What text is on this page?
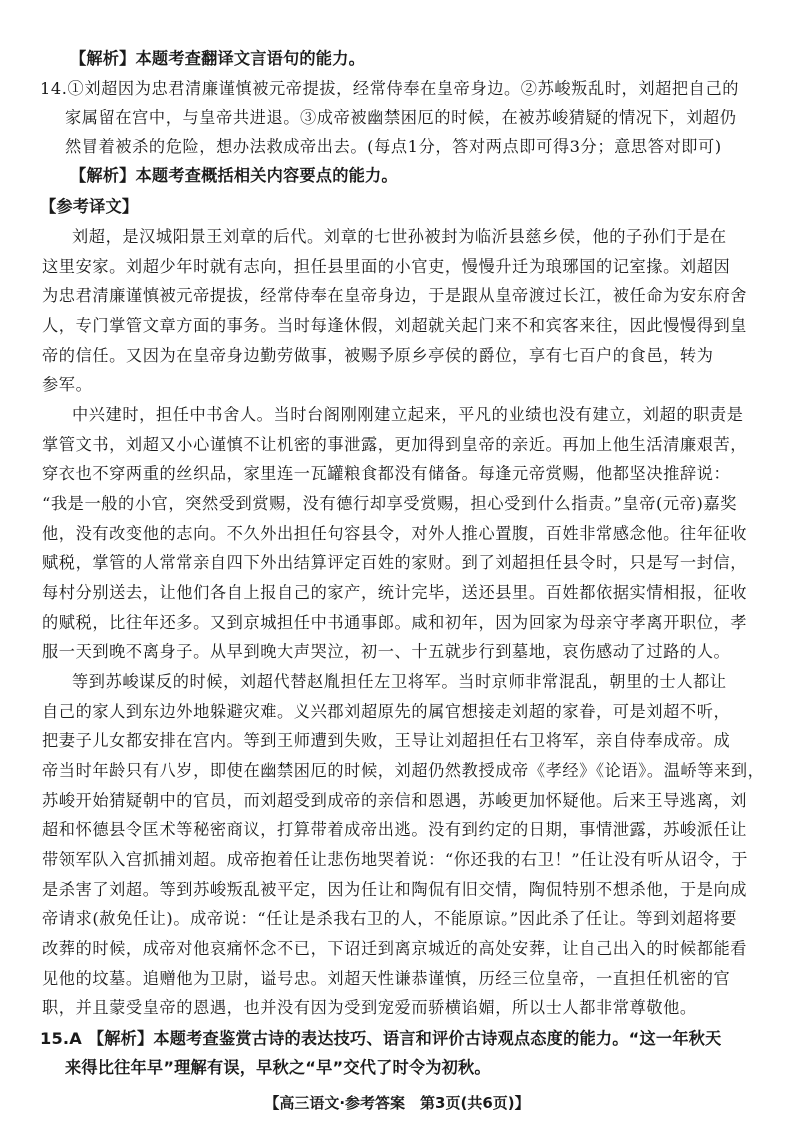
【解析】本题考查翻译文言语句的能力。
14.①刘超因为忠君清廉谨慎被元帝提拔，经常侍奉在皇帝身边。②苏峻叛乱时，刘超把自己的
家属留在宫中，与皇帝共进退。③成帝被幽禁困厄的时候，在被苏峻猜疑的情况下，刘超仍
然冒着被杀的危险，想办法救成帝出去。(每点1分，答对两点即可得3分；意思答对即可)
【解析】本题考查概括相关内容要点的能力。
【参考译文】
刘超，是汉城阳景王刘章的后代。刘章的七世孙被封为临沂县慈乡侯，他的子孙们于是在
这里安家。刘超少年时就有志向，担任县里面的小官吏，慢慢升迁为琅琊国的记室掾。刘超因
为忠君清廉谨慎被元帝提拔，经常侍奉在皇帝身边，于是跟从皇帝渡过长江，被任命为安东府舍
人，专门掌管文章方面的事务。当时每逢休假，刘超就关起门来不和宾客来往，因此慢慢得到皇
帝的信任。又因为在皇帝身边勤劳做事，被赐予原乡亭侯的爵位，享有七百户的食邑，转为
参军。
中兴建时，担任中书舍人。当时台阁刚刚建立起来，平凡的业绩也没有建立，刘超的职责是
掌管文书，刘超又小心谨慎不让机密的事泄露，更加得到皇帝的亲近。再加上他生活清廉艰苦，
穿衣也不穿两重的丝织品，家里连一瓦罐粮食都没有储备。每逢元帝赏赐，他都坚决推辞说：
“我是一般的小官，突然受到赏赐，没有德行却享受赏赐，担心受到什么指责。”皇帝(元帝)嘉奖
他，没有改变他的志向。不久外出担任句容县令，对外人推心置腹，百姓非常感念他。往年征收
赋税，掌管的人常常亲自四下外出结算评定百姓的家财。到了刘超担任县令时，只是写一封信，
每村分别送去，让他们各自上报自己的家产，统计完毕，送还县里。百姓都依据实情相报，征收
的赋税，比往年还多。又到京城担任中书通事郎。咸和初年，因为回家为母亲守孝离开职位，孝
服一天到晚不离身子。从早到晚大声哭泣，初一、十五就步行到墓地，哀伤感动了过路的人。
等到苏峻谋反的时候，刘超代替赵胤担任左卫将军。当时京师非常混乱，朝里的士人都让
自己的家人到东边外地躲避灾难。义兴郡刘超原先的属官想接走刘超的家眷，可是刘超不听，
把妻子儿女都安排在宫内。等到王师遭到失败，王导让刘超担任右卫将军，亲自侍奉成帝。成
帝当时年龄只有八岁，即使在幽禁困厄的时候，刘超仍然教授成帝《孝经》《论语》。温峤等来到，
苏峻开始猜疑朝中的官员，而刘超受到成帝的亲信和恩遇，苏峻更加怀疑他。后来王导逃离，刘
超和怀德县令匡术等秘密商议，打算带着成帝出逃。没有到约定的日期，事情泄露，苏峻派任让
带领军队入宫抓捕刘超。成帝抱着任让悲伤地哭着说：“你还我的右卫！”任让没有听从诏令，于
是杀害了刘超。等到苏峻叛乱被平定，因为任让和陶侃有旧交情，陶侃特别不想杀他，于是向成
帝请求(赦免任让)。成帝说：“任让是杀我右卫的人，不能原谅。”因此杀了任让。等到刘超将要
改葬的时候，成帝对他哀痛怀念不已，下诏迁到离京城近的高处安葬，让自己出入的时候都能看
见他的坟墓。追赠他为卫尉，谥号忠。刘超天性谦恭谨慎，历经三位皇帝，一直担任机密的官
职，并且蒙受皇帝的恩遇，也并没有因为受到宠爱而骄横谄媚，所以士人都非常尊敬他。
15.A 【解析】本题考查鉴赏古诗的表达技巧、语言和评价古诗观点态度的能力。“这一年秋天
来得比往年早”理解有误，早秋之“早”交代了时令为初秋。
【高三语文·参考答案　第3页(共6页)】
